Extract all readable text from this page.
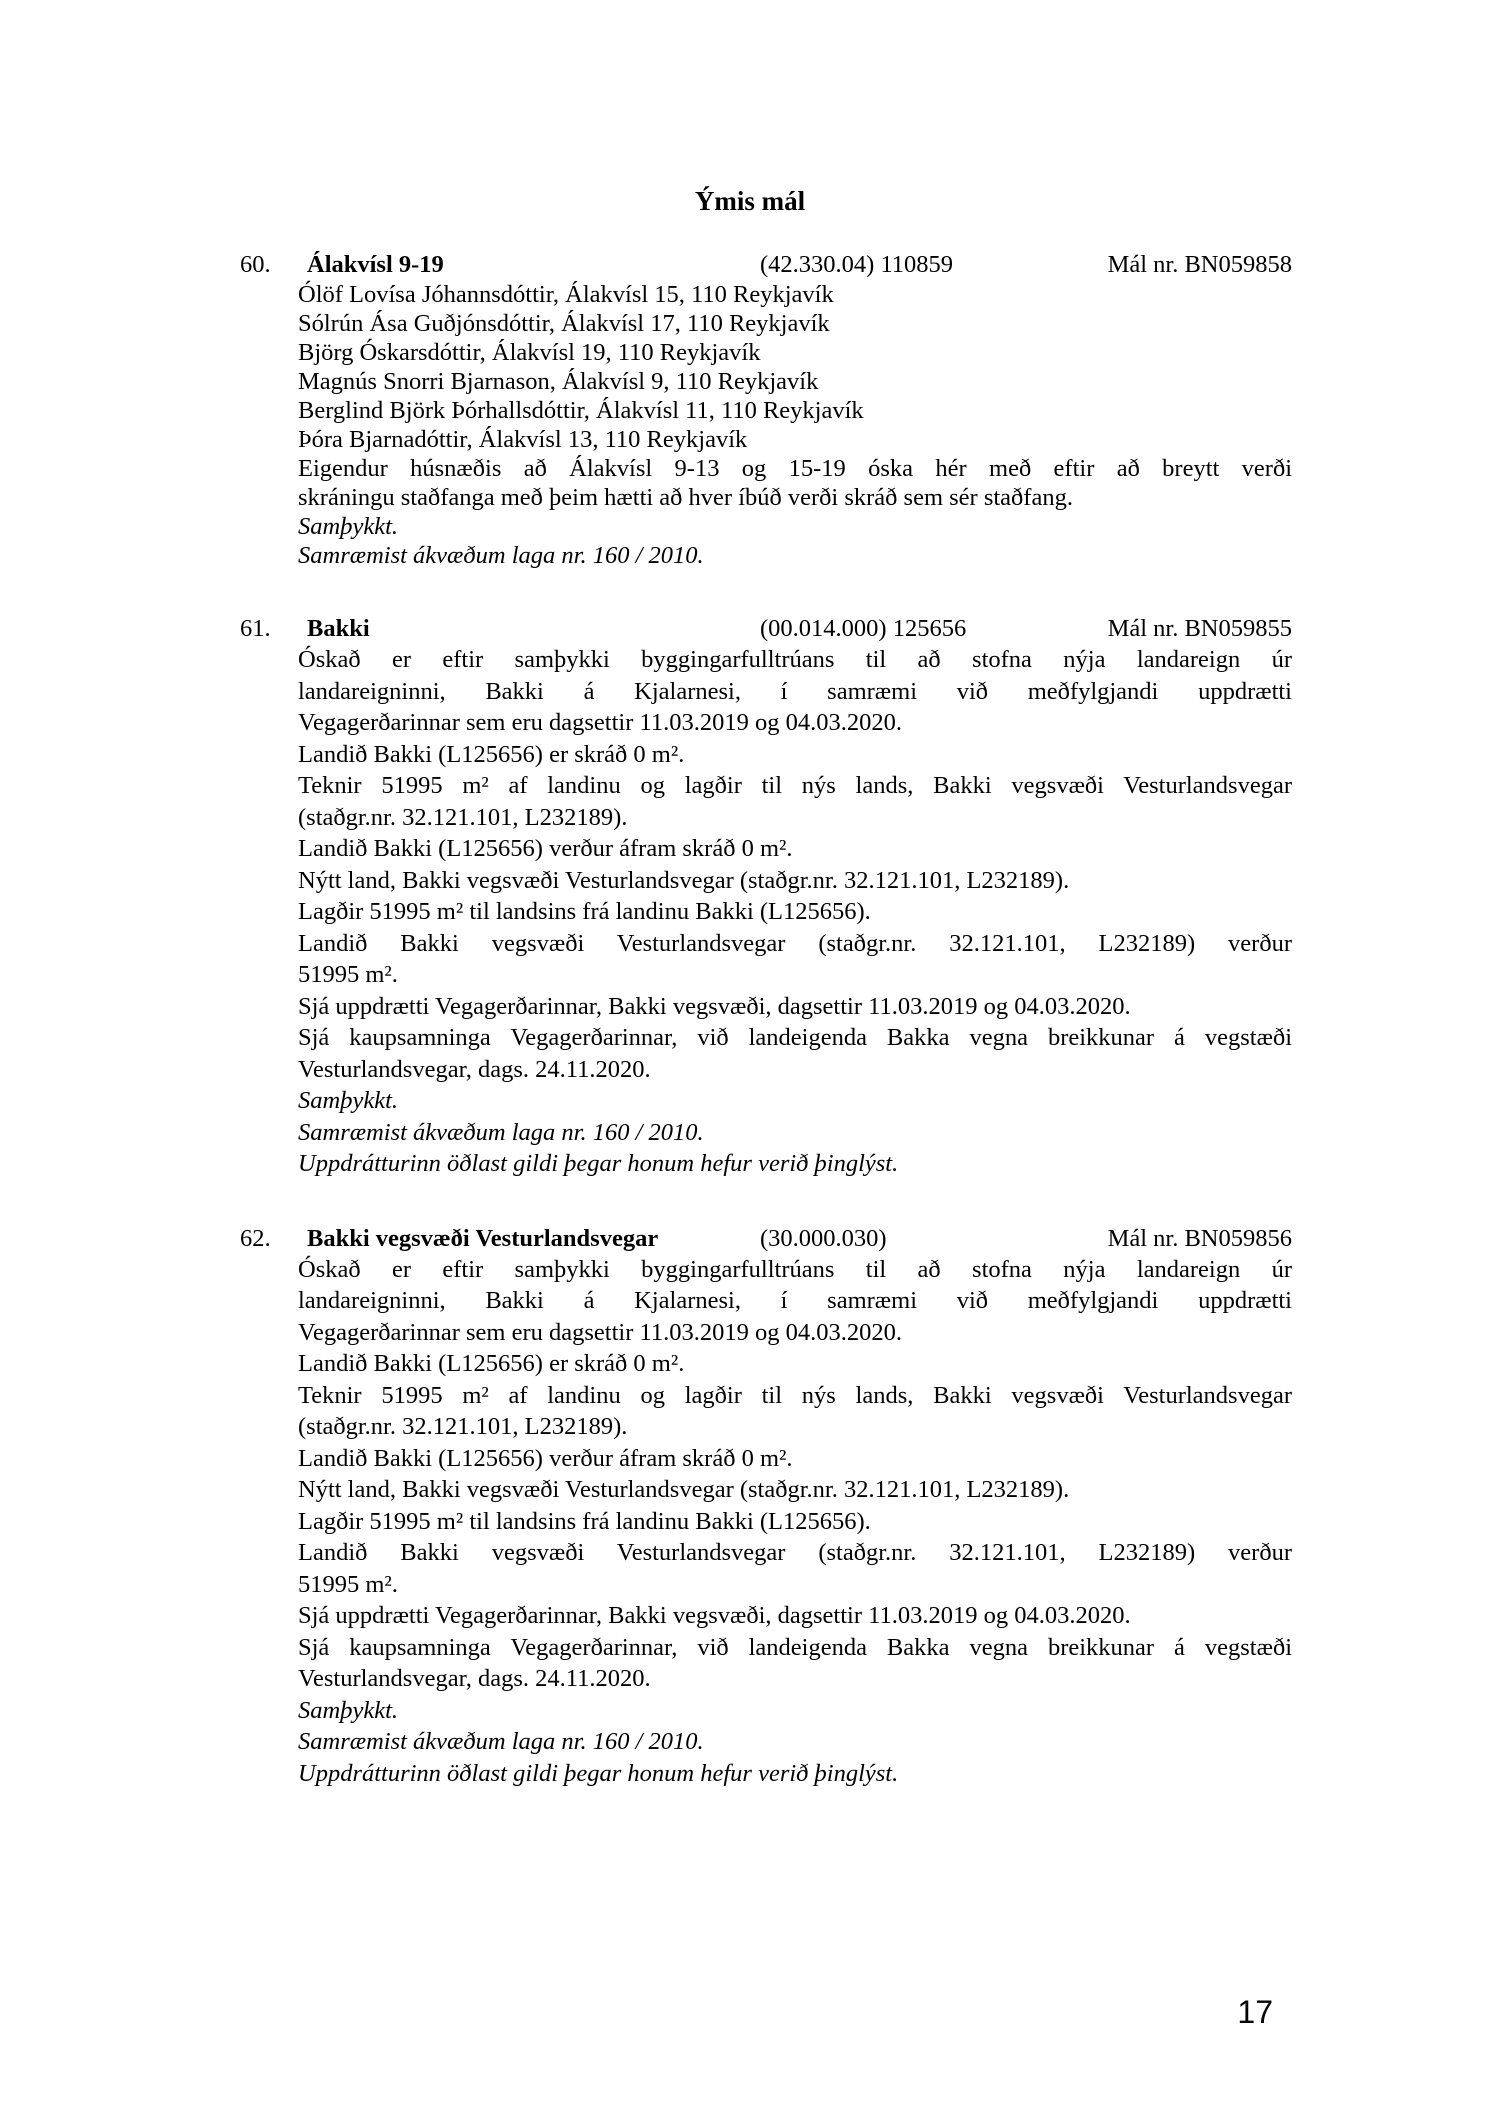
Ýmis mál
60. Álakvísl 9-19	(42.330.04) 110859	Mál nr. BN059858
Ólöf Lovísa Jóhannsdóttir, Álakvísl 15, 110 Reykjavík
Sólrún Ása Guðjónsdóttir, Álakvísl 17, 110 Reykjavík
Björg Óskarsdóttir, Álakvísl 19, 110 Reykjavík
Magnús Snorri Bjarnason, Álakvísl 9, 110 Reykjavík
Berglind Björk Þórhallsdóttir, Álakvísl 11, 110 Reykjavík
Þóra Bjarnadóttir, Álakvísl 13, 110 Reykjavík
Eigendur húsnæðis að Álakvísl 9-13 og 15-19 óska hér með eftir að breytt verði
skráningu staðfanga með þeim hætti að hver íbúð verði skráð sem sér staðfang.
Samþykkt.
Samræmist ákvæðum laga nr. 160 / 2010.
61. Bakki	(00.014.000) 125656	Mál nr. BN059855
Óskað er eftir samþykki byggingarfulltrúans til að stofna nýja landareign úr
landareigninni, Bakki á Kjalarnesi, í samræmi við meðfylgjandi uppdrætti
Vegagerðarinnar sem eru dagsettir 11.03.2019 og 04.03.2020.
Landið Bakki (L125656) er skráð 0 m².
Teknir 51995 m² af landinu og lagðir til nýs lands, Bakki vegsvæði Vesturlandsvegar
(staðgr.nr. 32.121.101, L232189).
Landið Bakki (L125656) verður áfram skráð 0 m².
Nýtt land, Bakki vegsvæði Vesturlandsvegar (staðgr.nr. 32.121.101, L232189).
Lagðir 51995 m² til landsins frá landinu Bakki (L125656).
Landið Bakki vegsvæði Vesturlandsvegar (staðgr.nr. 32.121.101, L232189) verður
51995 m².
Sjá uppdrætti Vegagerðarinnar, Bakki vegsvæði, dagsettir 11.03.2019 og 04.03.2020.
Sjá kaupsamninga Vegagerðarinnar, við landeigenda Bakka vegna breikkunar á vegstæði
Vesturlandsvegar, dags. 24.11.2020.
Samþykkt.
Samræmist ákvæðum laga nr. 160 / 2010.
Uppdrátturinn öðlast gildi þegar honum hefur verið þinglýst.
62. Bakki vegsvæði Vesturlandsvegar	(30.000.030)	Mál nr. BN059856
Óskað er eftir samþykki byggingarfulltrúans til að stofna nýja landareign úr
landareigninni, Bakki á Kjalarnesi, í samræmi við meðfylgjandi uppdrætti
Vegagerðarinnar sem eru dagsettir 11.03.2019 og 04.03.2020.
Landið Bakki (L125656) er skráð 0 m².
Teknir 51995 m² af landinu og lagðir til nýs lands, Bakki vegsvæði Vesturlandsvegar
(staðgr.nr. 32.121.101, L232189).
Landið Bakki (L125656) verður áfram skráð 0 m².
Nýtt land, Bakki vegsvæði Vesturlandsvegar (staðgr.nr. 32.121.101, L232189).
Lagðir 51995 m² til landsins frá landinu Bakki (L125656).
Landið Bakki vegsvæði Vesturlandsvegar (staðgr.nr. 32.121.101, L232189) verður
51995 m².
Sjá uppdrætti Vegagerðarinnar, Bakki vegsvæði, dagsettir 11.03.2019 og 04.03.2020.
Sjá kaupsamninga Vegagerðarinnar, við landeigenda Bakka vegna breikkunar á vegstæði
Vesturlandsvegar, dags. 24.11.2020.
Samþykkt.
Samræmist ákvæðum laga nr. 160 / 2010.
Uppdrátturinn öðlast gildi þegar honum hefur verið þinglýst.
17
